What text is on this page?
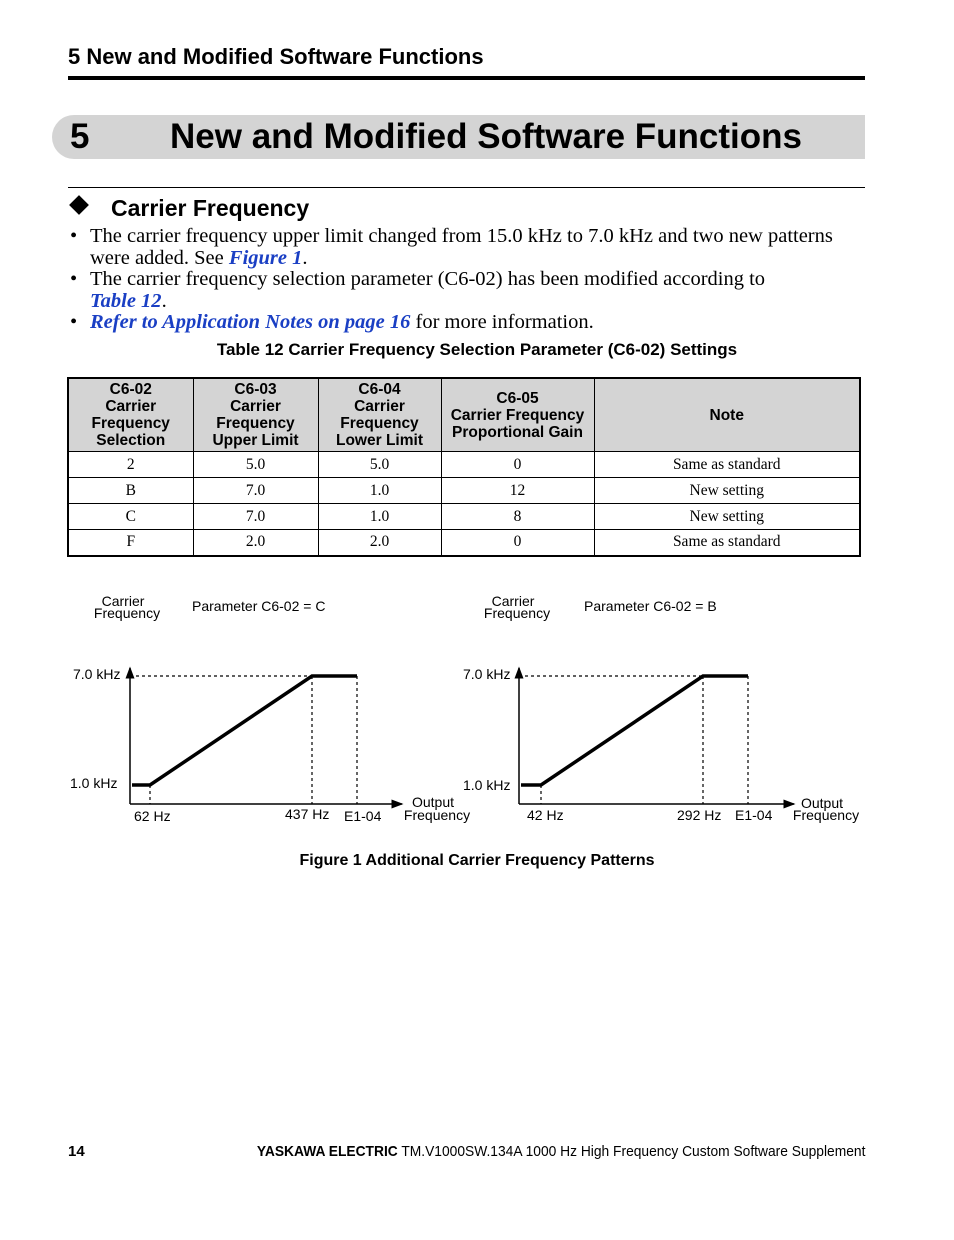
5 New and Modified Software Functions
5 New and Modified Software Functions
Carrier Frequency
• The carrier frequency upper limit changed from 15.0 kHz to 7.0 kHz and two new patterns
were added. See Figure 1.
• The carrier frequency selection parameter (C6-02) has been modified according to
Table 12.
• Refer to Application Notes on page 16 for more information.
Table 12 Carrier Frequency Selection Parameter (C6-02) Settings
C6-02
Carrier
Frequency
Selection	C6-03
Carrier
Frequency
Upper Limit	C6-04
Carrier
Frequency
Lower Limit	C6-05
Carrier Frequency
Proportional Gain	Note

2	5.0	5.0	0	Same as standard
B	7.0	1.0	12	New setting
C	7.0	1.0	8	New setting
F	2.0	2.0	0	Same as standard
Carrier
Frequency Parameter C6-02 = C
7.0 kHz
1.0 kHz
62 Hz	437 Hz E1-04
Output
Frequency
Carrier
Frequency Parameter C6-02 = B
7.0 kHz
1.0 kHz
42 Hz	292 Hz E1-04
Output
Frequency
Figure 1 Additional Carrier Frequency Patterns
14	YASKAWA ELECTRIC TM.V1000SW.134A 1000 Hz High Frequency Custom Software Supplement
